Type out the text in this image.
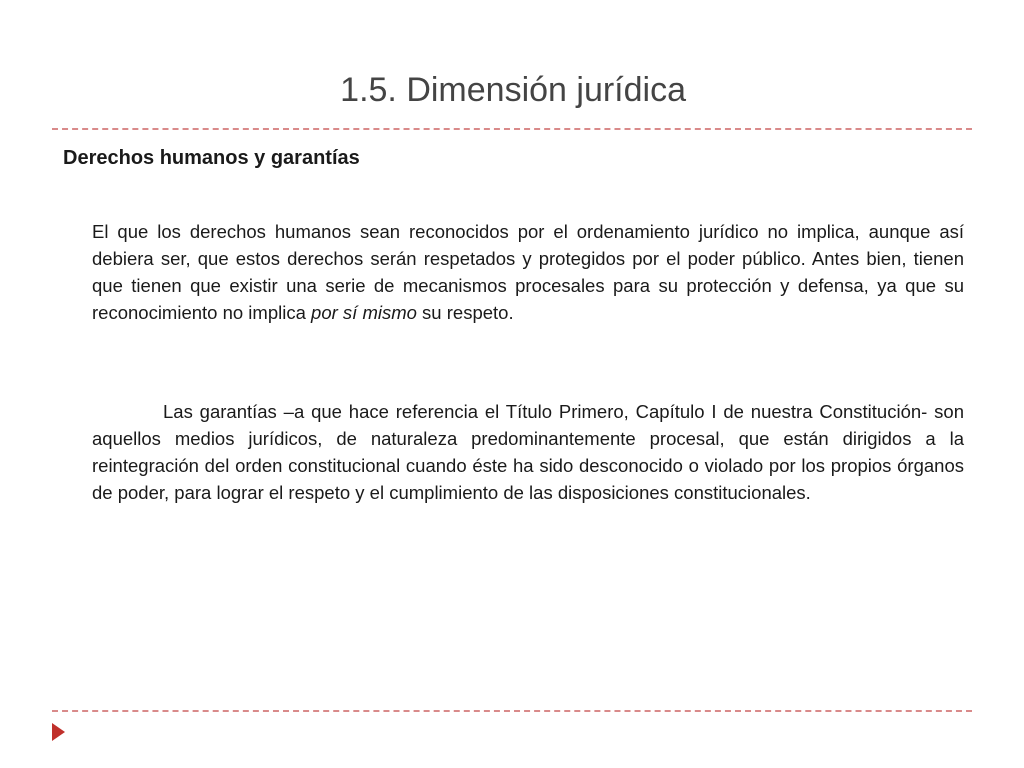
1.5. Dimensión jurídica
Derechos humanos y garantías

El que los derechos humanos sean reconocidos por el ordenamiento jurídico no implica, aunque así debiera ser, que estos derechos serán respetados y protegidos por el poder público. Antes bien, tienen que tienen que existir una serie de mecanismos procesales para su protección y defensa, ya que su reconocimiento no implica por sí mismo su respeto.

Las garantías –a que hace referencia el Título Primero, Capítulo I de nuestra Constitución- son aquellos medios jurídicos, de naturaleza predominantemente procesal, que están dirigidos a la reintegración del orden constitucional cuando éste ha sido desconocido o violado por los propios órganos de poder, para lograr el respeto y el cumplimiento de las disposiciones constitucionales.
